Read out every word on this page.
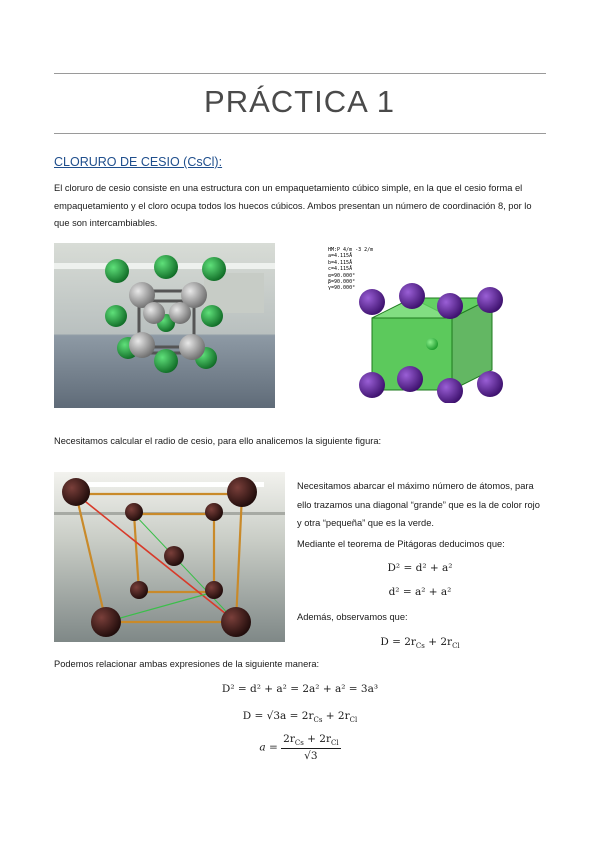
PRÁCTICA 1
CLORURO DE CESIO (CsCl):
El cloruro de cesio consiste en una estructura con un empaquetamiento cúbico simple, en la que el cesio forma el empaquetamiento y el cloro ocupa todos los huecos cúbicos. Ambos presentan un número de coordinación 8, por lo que son intercambiables.
HM:P 4/m -3 2/m
a=4.115Å
b=4.115Å
c=4.115Å
α=90.000°
β=90.000°
γ=90.000°
Necesitamos calcular el radio de cesio, para ello analicemos la siguiente figura:
Necesitamos abarcar el máximo número de átomos, para ello trazamos una diagonal “grande” que es la de color rojo y otra “pequeña” que es la verde.
Mediante el teorema de Pitágoras deducimos que:
D² = d² + a²
d² = a² + a²
Además, observamos que:
$D = 2r_{Cs} + 2r_{Cl}$
Podemos relacionar ambas expresiones de la siguiente manera:
D² = d² + a² = 2a² + a² = 3a³
$D = √3a = 2r_{Cs} + 2r_{Cl}$
$a = \frac{2r_{Cs} + 2r_{Cl}}{√3}$
